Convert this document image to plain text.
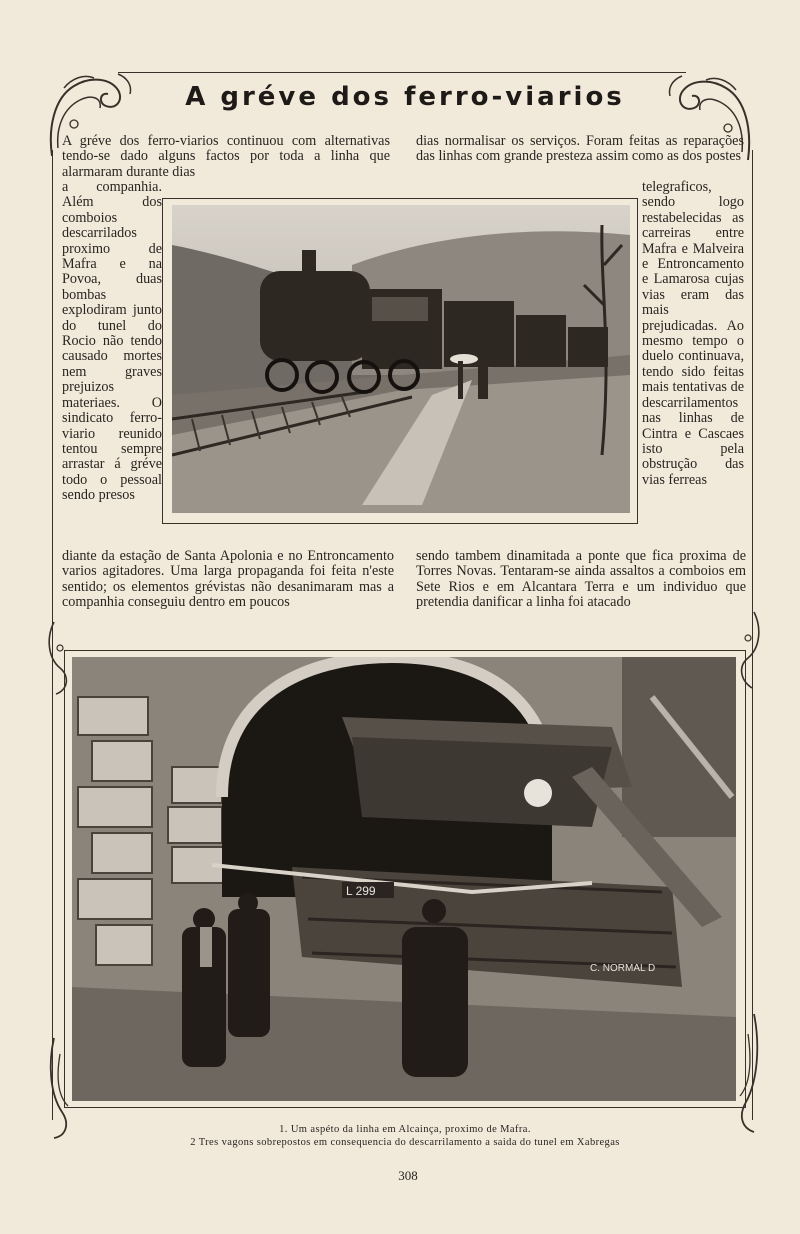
A gréve dos ferro-viarios

A gréve dos ferro-viarios continuou com alternativas tendo-se dado alguns factos por toda a linha que alarmaram durante dias

a companhia. Além dos comboios descarrilados proximo de Mafra e na Povoa, duas bombas explodiram junto do tunel do Rocio não tendo causado mortes nem graves prejuizos materiaes. O sindicato ferro-viario reunido tentou sempre arrastar á gréve todo o pessoal sendo presos

dias normalisar os serviços. Foram feitas as reparações das linhas com grande presteza assim como as dos postes

telegraficos, sendo logo restabelecidas as carreiras entre Mafra e Malveira e Entroncamento e Lamarosa cujas vias eram das mais prejudicadas. Ao mesmo tempo o duelo continuava, tendo sido feitas mais tentativas de descarrilamentos nas linhas de Cintra e Cascaes isto pela obstrução das vias ferreas

diante da estação de Santa Apolonia e no Entroncamento varios agitadores. Uma larga propaganda foi feita n'este sentido; os elementos grévistas não desanimaram mas a companhia conseguiu dentro em poucos

sendo tambem dinamitada a ponte que fica proxima de Torres Novas. Tentaram-se ainda assaltos a comboios em Sete Rios e em Alcantara Terra e um individuo que pretendia danificar a linha foi atacado

L 299
C. NORMAL D
1. Um aspéto da linha em Alcainça, proximo de Mafra.
2 Tres vagons sobrepostos em consequencia do descarrilamento a saida do tunel em Xabregas
308
